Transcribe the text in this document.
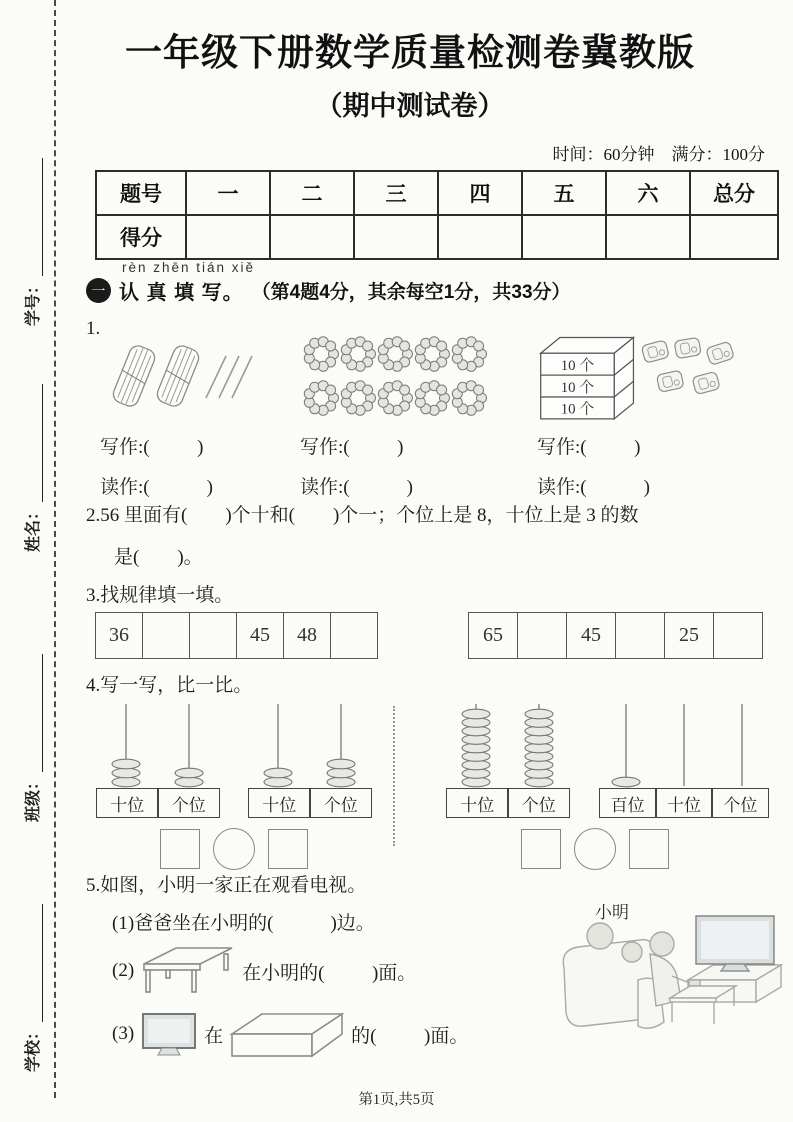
学号：
姓名：
班级：
学校：
一年级下册数学质量检测卷冀教版
（期中测试卷）
时间：60分钟　满分：100分
题号	一	二	三	四	五	六	总分
得分							
rèn zhēn tián xiě
一 认 真 填 写。 （第4题4分，其余每空1分，共33分）
1.
写作:(          )
读作:(            )
写作:(          )
读作:(            )
10 个
10 个
10 个
写作:(          )
读作:(            )
2.56 里面有(        )个十和(        )个一；个位上是 8，十位上是 3 的数
是(        )。
3.找规律填一填。
36			45	48		65		45		25	
4.写一写，比一比。
十位	个位	十位	个位	十位	个位	百位	十位	个位
5.如图，小明一家正在观看电视。
(1)爸爸坐在小明的(            )边。
(2)	在小明的(          )面。
(3)	在	的(          )面。
小明
第1页,共5页
